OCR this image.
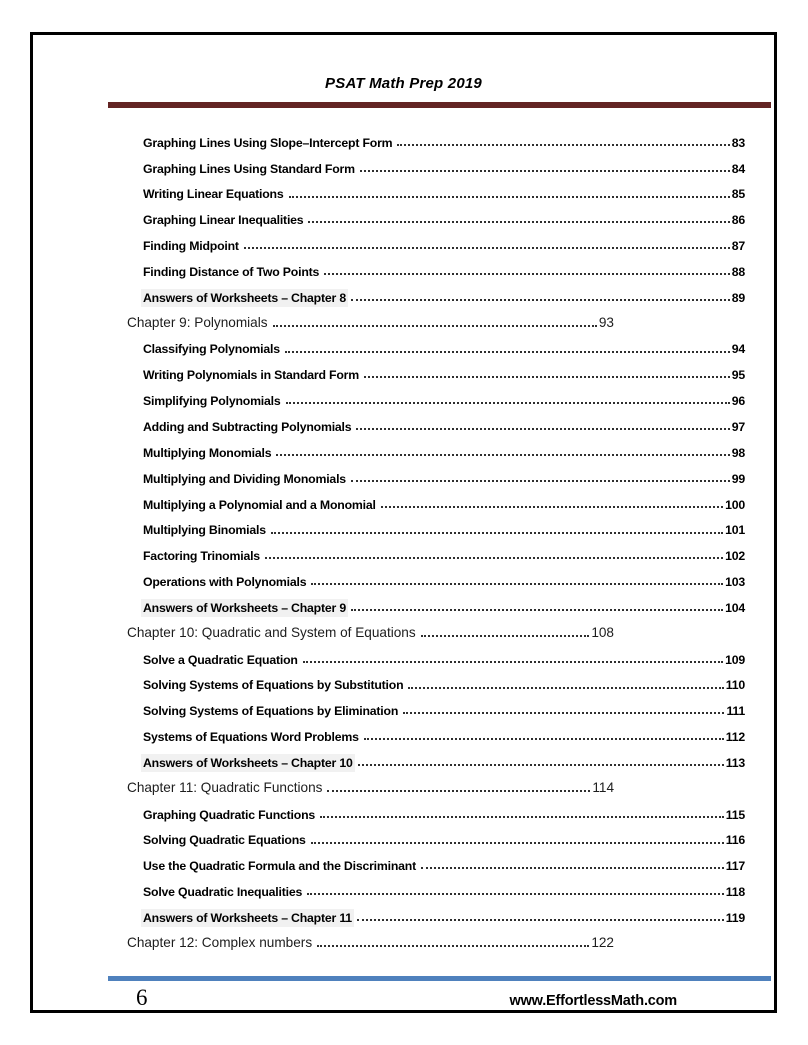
PSAT Math Prep 2019
Graphing Lines Using Slope–Intercept Form	83
Graphing Lines Using Standard Form	84
Writing Linear Equations	85
Graphing Linear Inequalities	86
Finding Midpoint	87
Finding Distance of Two Points	88
Answers of Worksheets – Chapter 8	89
Chapter 9: Polynomials	93
Classifying Polynomials	94
Writing Polynomials in Standard Form	95
Simplifying Polynomials	96
Adding and Subtracting Polynomials	97
Multiplying Monomials	98
Multiplying and Dividing Monomials	99
Multiplying a Polynomial and a Monomial	100
Multiplying Binomials	101
Factoring Trinomials	102
Operations with Polynomials	103
Answers of Worksheets – Chapter 9	104
Chapter 10: Quadratic and System of Equations	108
Solve a Quadratic Equation	109
Solving Systems of Equations by Substitution	110
Solving Systems of Equations by Elimination	111
Systems of Equations Word Problems	112
Answers of Worksheets – Chapter 10	113
Chapter 11: Quadratic Functions	114
Graphing Quadratic Functions	115
Solving Quadratic Equations	116
Use the Quadratic Formula and the Discriminant	117
Solve Quadratic Inequalities	118
Answers of Worksheets – Chapter 11	119
Chapter 12: Complex numbers	122
6	www.EffortlessMath.com
